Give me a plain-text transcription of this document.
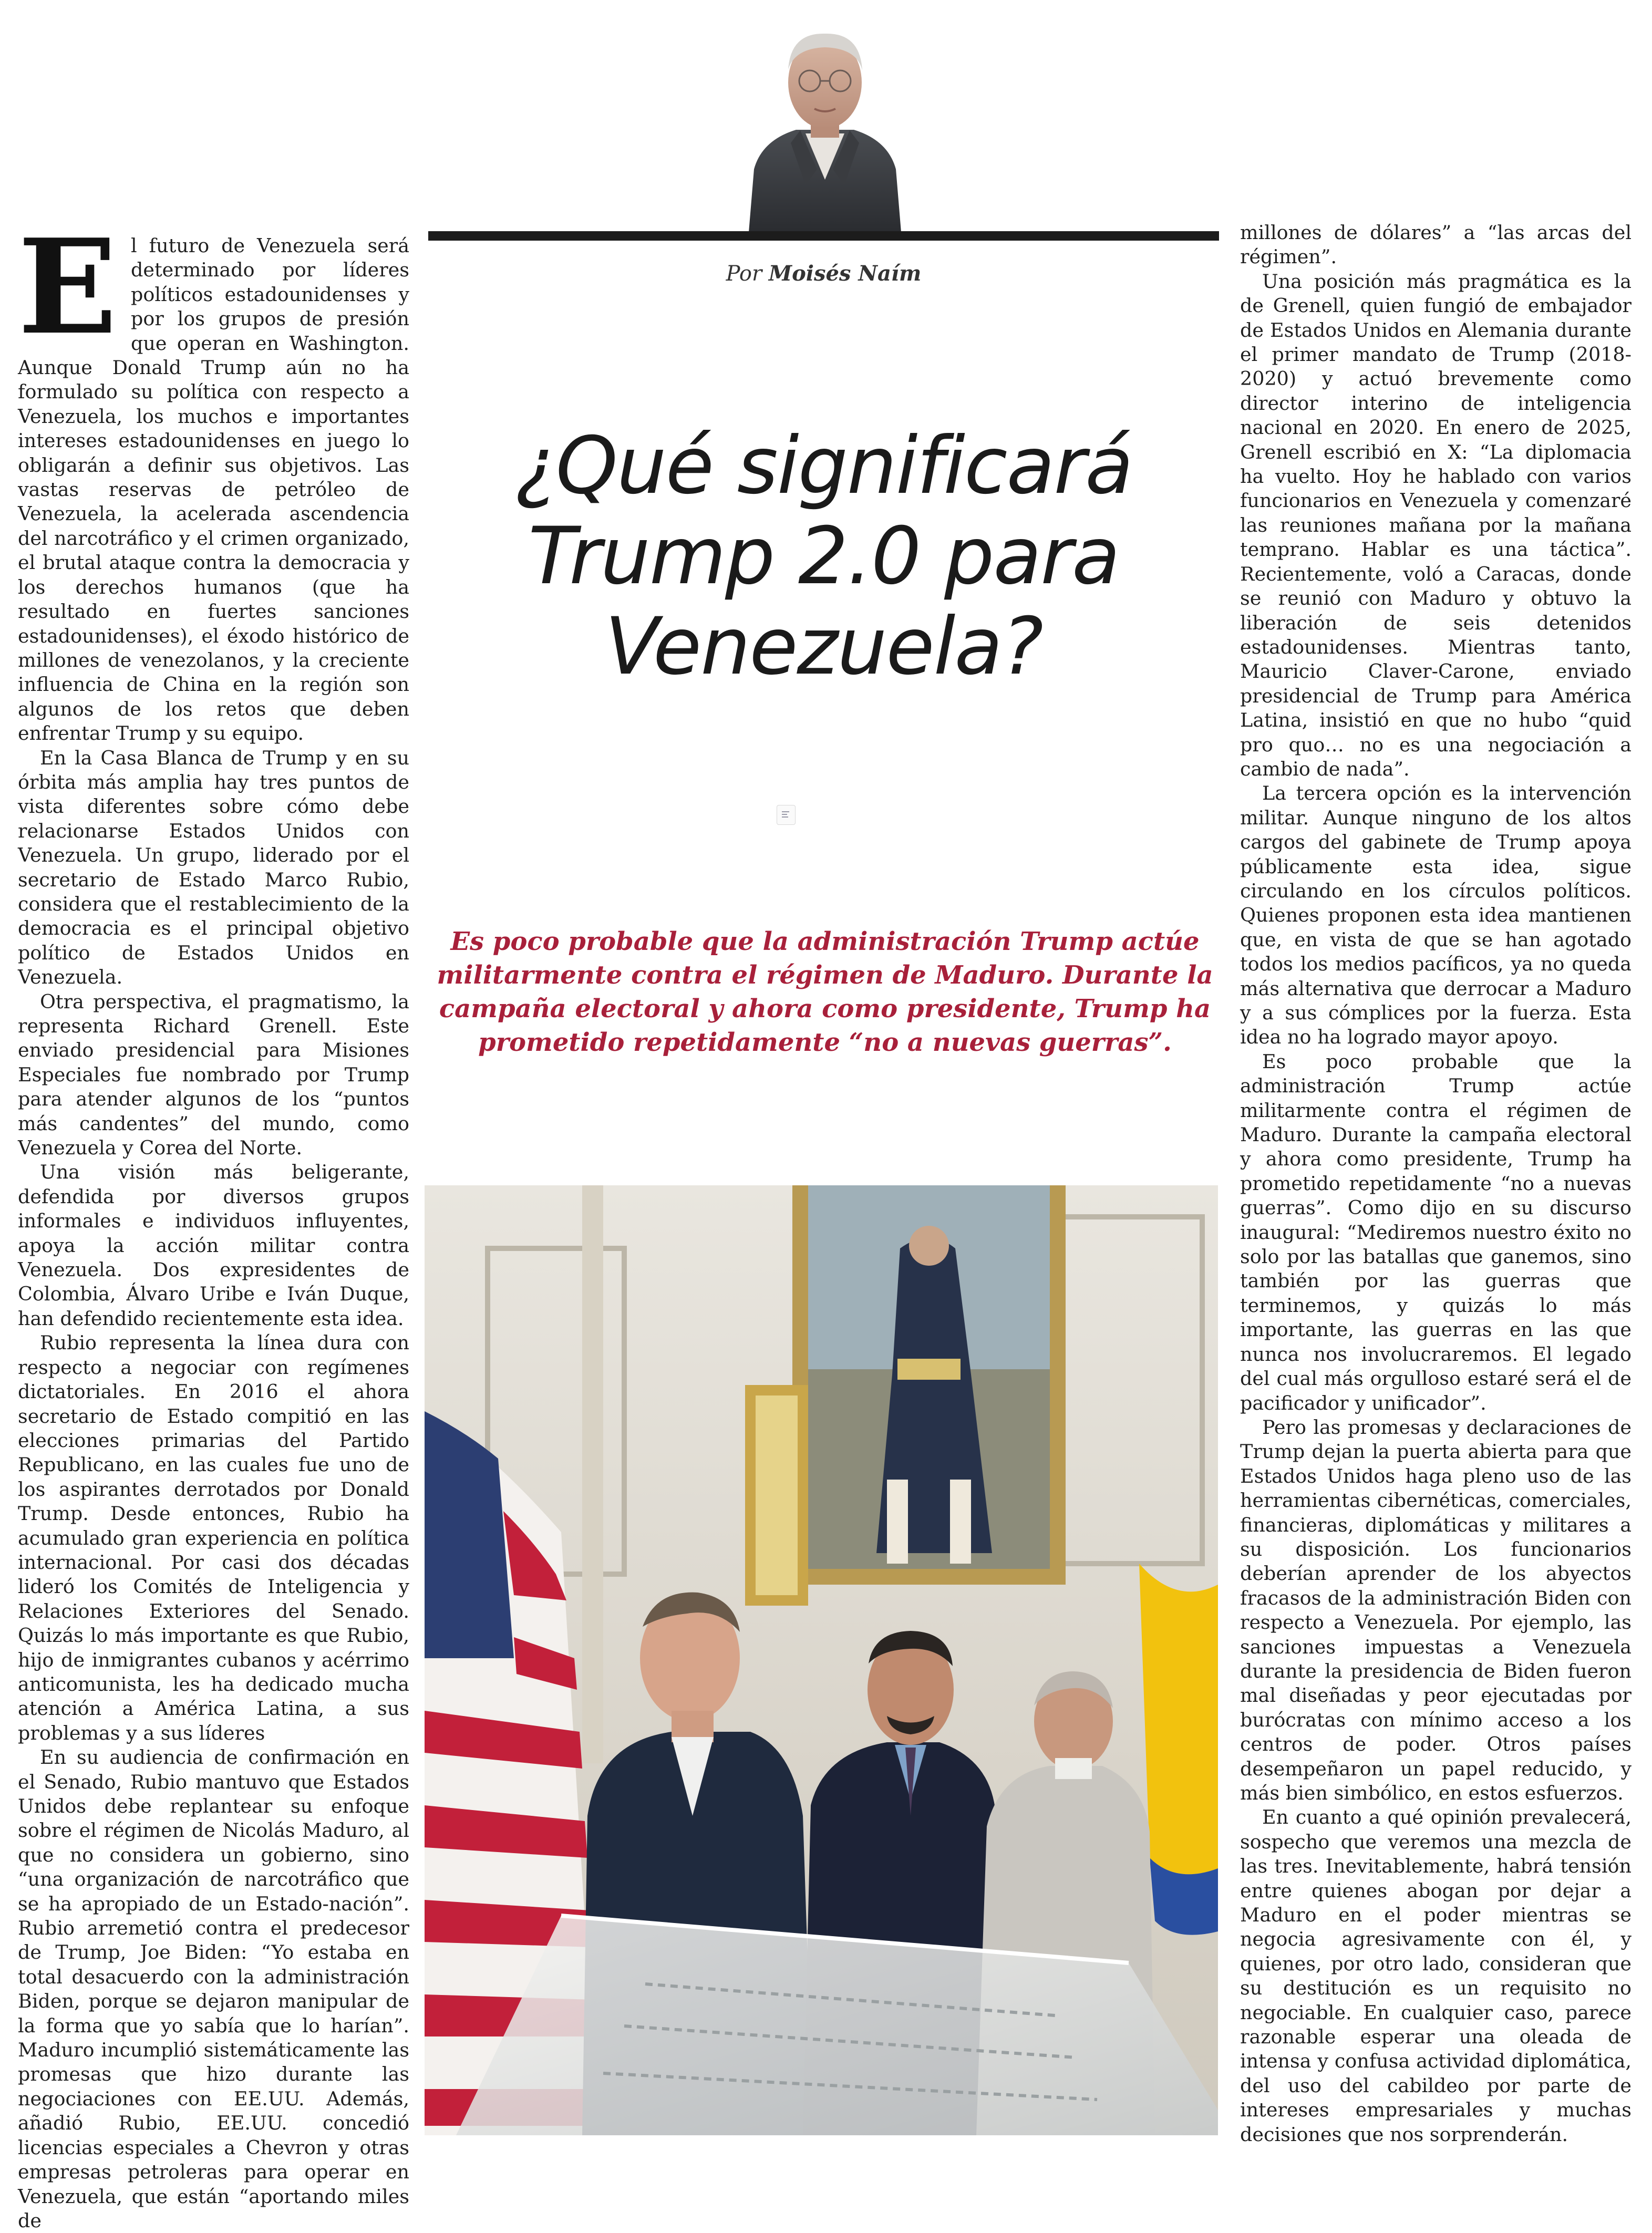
Por Moisés Naím
¿Qué significará Trump 2.0 para Venezuela?
Es poco probable que la administración Trump actúe militarmente contra el régimen de Maduro. Durante la campaña electoral y ahora como presidente, Trump ha prometido repetidamente “no a nuevas guerras”.

El futuro de Venezuela será determinado por líderes políticos estadounidenses y por los grupos de presión que operan en Washington. Aunque Donald Trump aún no ha formulado su política con respecto a Venezuela, los muchos e importantes intereses estadounidenses en juego lo obligarán a definir sus objetivos. Las vastas reservas de petróleo de Venezuela, la acelerada ascendencia del narcotráfico y el crimen organizado, el brutal ataque contra la democracia y los derechos humanos (que ha resultado en fuertes sanciones estadounidenses), el éxodo histórico de millones de venezolanos, y la creciente influencia de China en la región son algunos de los retos que deben enfrentar Trump y su equipo.

En la Casa Blanca de Trump y en su órbita más amplia hay tres puntos de vista diferentes sobre cómo debe relacionarse Estados Unidos con Venezuela. Un grupo, liderado por el secretario de Estado Marco Rubio, considera que el restablecimiento de la democracia es el principal objetivo político de Estados Unidos en Venezuela.

Otra perspectiva, el pragmatismo, la representa Richard Grenell. Este enviado presidencial para Misiones Especiales fue nombrado por Trump para atender algunos de los “puntos más candentes” del mundo, como Venezuela y Corea del Norte.

Una visión más beligerante, defendida por diversos grupos informales e individuos influyentes, apoya la acción militar contra Venezuela. Dos expresidentes de Colombia, Álvaro Uribe e Iván Duque, han defendido recientemente esta idea.

Rubio representa la línea dura con respecto a negociar con regímenes dictatoriales. En 2016 el ahora secretario de Estado compitió en las elecciones primarias del Partido Republicano, en las cuales fue uno de los aspirantes derrotados por Donald Trump. Desde entonces, Rubio ha acumulado gran experiencia en política internacional. Por casi dos décadas lideró los Comités de Inteligencia y Relaciones Exteriores del Senado. Quizás lo más importante es que Rubio, hijo de inmigrantes cubanos y acérrimo anticomunista, les ha dedicado mucha atención a América Latina, a sus problemas y a sus líderes

En su audiencia de confirmación en el Senado, Rubio mantuvo que Estados Unidos debe replantear su enfoque sobre el régimen de Nicolás Maduro, al que no considera un gobierno, sino “una organización de narcotráfico que se ha apropiado de un Estado-nación”. Rubio arremetió contra el predecesor de Trump, Joe Biden: “Yo estaba en total desacuerdo con la administración Biden, porque se dejaron manipular de la forma que yo sabía que lo harían”. Maduro incumplió sistemáticamente las promesas que hizo durante las negociaciones con EE.UU. Además, añadió Rubio, EE.UU. concedió licencias especiales a Chevron y otras empresas petroleras para operar en Venezuela, que están “aportando miles de

millones de dólares” a “las arcas del régimen”.

Una posición más pragmática es la de Grenell, quien fungió de embajador de Estados Unidos en Alemania durante el primer mandato de Trump (2018-2020) y actuó brevemente como director interino de inteligencia nacional en 2020. En enero de 2025, Grenell escribió en X: “La diplomacia ha vuelto. Hoy he hablado con varios funcionarios en Venezuela y comenzaré las reuniones mañana por la mañana temprano. Hablar es una táctica”. Recientemente, voló a Caracas, donde se reunió con Maduro y obtuvo la liberación de seis detenidos estadounidenses. Mientras tanto, Mauricio Claver-Carone, enviado presidencial de Trump para América Latina, insistió en que no hubo “quid pro quo… no es una negociación a cambio de nada”.

La tercera opción es la intervención militar. Aunque ninguno de los altos cargos del gabinete de Trump apoya públicamente esta idea, sigue circulando en los círculos políticos. Quienes proponen esta idea mantienen que, en vista de que se han agotado todos los medios pacíficos, ya no queda más alternativa que derrocar a Maduro y a sus cómplices por la fuerza. Esta idea no ha logrado mayor apoyo.

Es poco probable que la administración Trump actúe militarmente contra el régimen de Maduro. Durante la campaña electoral y ahora como presidente, Trump ha prometido repetidamente “no a nuevas guerras”. Como dijo en su discurso inaugural: “Mediremos nuestro éxito no solo por las batallas que ganemos, sino también por las guerras que terminemos, y quizás lo más importante, las guerras en las que nunca nos involucraremos. El legado del cual más orgulloso estaré será el de pacificador y unificador”.

Pero las promesas y declaraciones de Trump dejan la puerta abierta para que Estados Unidos haga pleno uso de las herramientas cibernéticas, comerciales, financieras, diplomáticas y militares a su disposición. Los funcionarios deberían aprender de los abyectos fracasos de la administración Biden con respecto a Venezuela. Por ejemplo, las sanciones impuestas a Venezuela durante la presidencia de Biden fueron mal diseñadas y peor ejecutadas por burócratas con mínimo acceso a los centros de poder. Otros países desempeñaron un papel reducido, y más bien simbólico, en estos esfuerzos.

En cuanto a qué opinión prevalecerá, sospecho que veremos una mezcla de las tres. Inevitablemente, habrá tensión entre quienes abogan por dejar a Maduro en el poder mientras se negocia agresivamente con él, y quienes, por otro lado, consideran que su destitución es un requisito no negociable. En cualquier caso, parece razonable esperar una oleada de intensa y confusa actividad diplomática, del uso del cabildeo por parte de intereses empresariales y muchas decisiones que nos sorprenderán.
